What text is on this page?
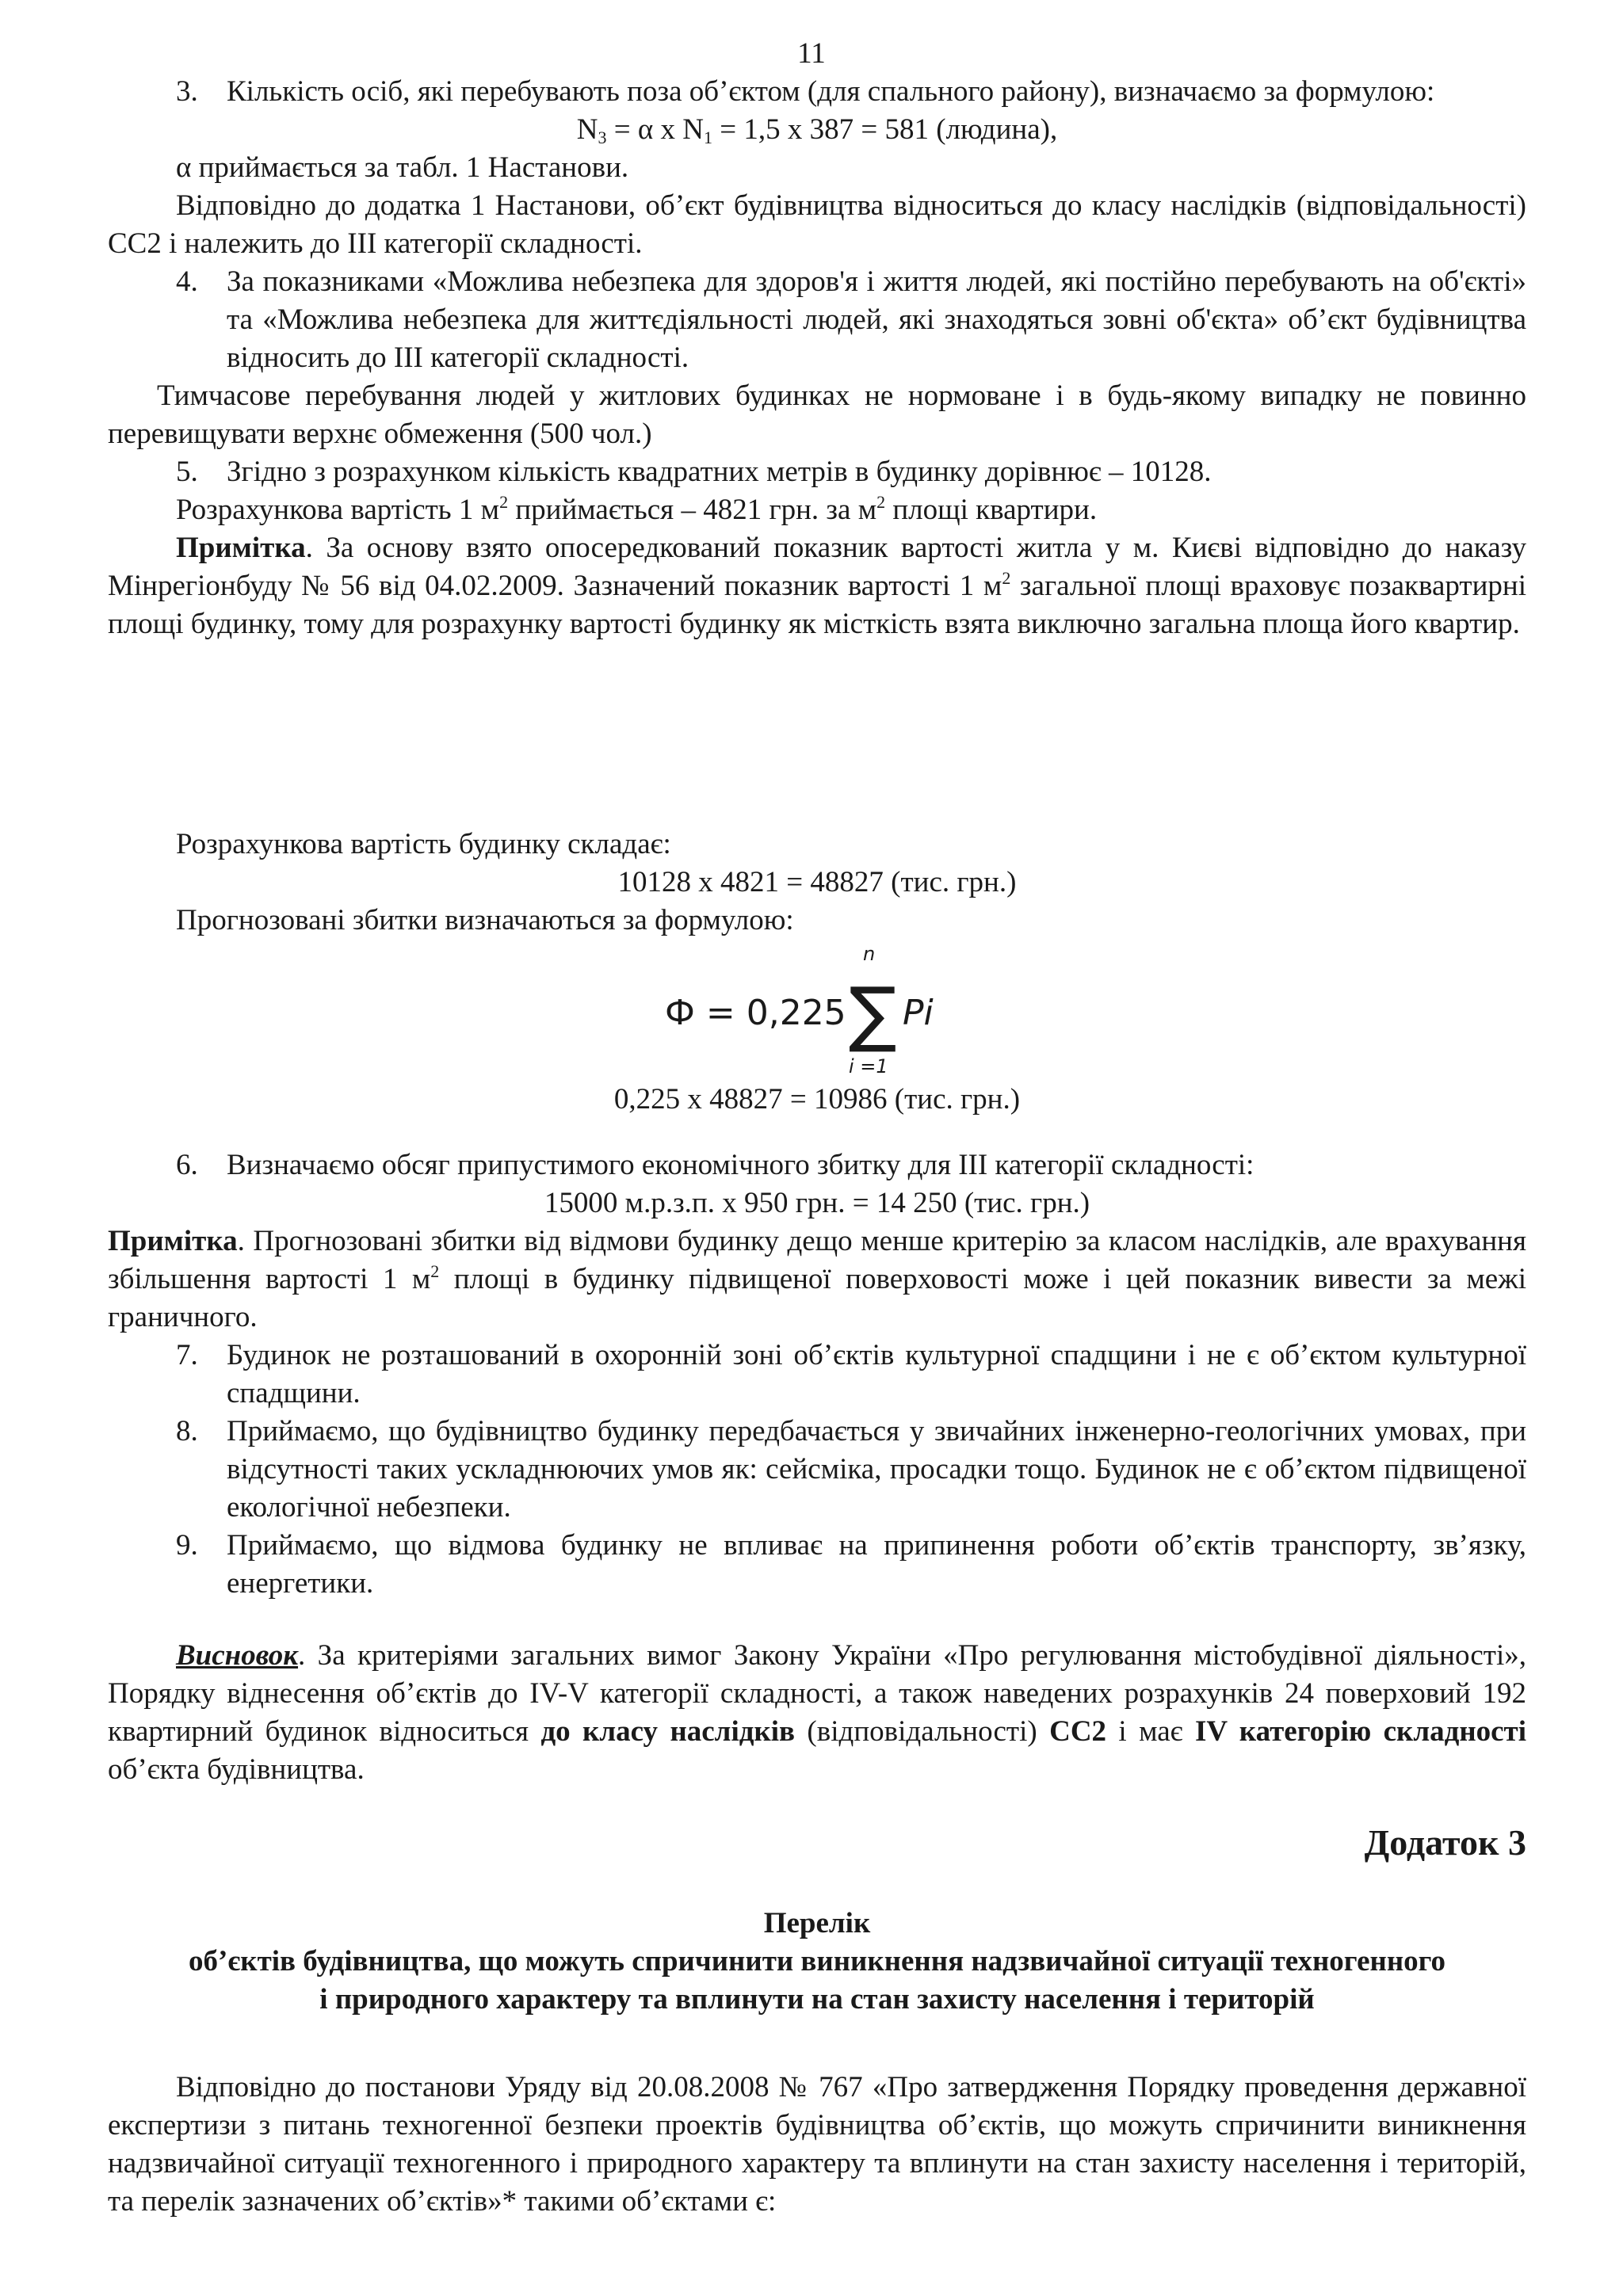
11

3. Кількість осіб, які перебувають поза об’єктом (для спального району), визначаємо за формулою:

$N_3 = \alpha$ х $N_1 = 1,5$ х 387 = 581 (людина),

α приймається за табл. 1 Настанови.

Відповідно до додатка 1 Настанови, об’єкт будівництва відноситься до класу наслідків (відповідальності) СС2 і належить до ІІІ категорії складності.

4. За показниками «Можлива небезпека для здоров'я і життя людей, які постійно перебувають на об'єкті» та «Можлива небезпека для життєдіяльності людей, які знаходяться зовні об'єкта» об’єкт будівництва відносить до ІІІ категорії складності.

Тимчасове перебування людей у житлових будинках не нормоване і в будь-якому випадку не повинно перевищувати верхнє обмеження (500 чол.)

5. Згідно з розрахунком кількість квадратних метрів в будинку дорівнює – 10128.

Розрахункова вартість 1 $м^2$ приймається – 4821 грн. за $м^2$ площі квартири.

Примітка. За основу взято опосередкований показник вартості житла у м. Києві відповідно до наказу Мінрегіонбуду № 56 від 04.02.2009. Зазначений показник вартості 1 $м^2$ загальної площі враховує позаквартирні площі будинку, тому для розрахунку вартості будинку як місткість взята виключно загальна площа його квартир.

Розрахункова вартість будинку складає:

10128 х 4821 = 48827 (тис. грн.)

Прогнозовані збитки визначаються за формулою:

Ф = 0,225 ∑
n
i =1
Pi

0,225 х 48827 = 10986 (тис. грн.)

6. Визначаємо обсяг припустимого економічного збитку для ІІІ категорії складності:

15000 м.р.з.п. х 950 грн. = 14 250 (тис. грн.)

Примітка. Прогнозовані збитки від відмови будинку дещо менше критерію за класом наслідків, але врахування збільшення вартості 1 $м^2$ площі в будинку підвищеної поверховості може і цей показник вивести за межі граничного.

7. Будинок не розташований в охоронній зоні об’єктів культурної спадщини і не є об’єктом культурної спадщини.

8. Приймаємо, що будівництво будинку передбачається у звичайних інженерно-геологічних умовах, при відсутності таких ускладнюючих умов як: сейсміка, просадки тощо. Будинок не є об’єктом підвищеної екологічної небезпеки.

9. Приймаємо, що відмова будинку не впливає на припинення роботи об’єктів транспорту, зв’язку, енергетики.

Висновок. За критеріями загальних вимог Закону України «Про регулювання містобудівної діяльності», Порядку віднесення об’єктів до IV-V категорії складності, а також наведених розрахунків 24 поверховий 192 квартирний будинок відноситься до класу наслідків (відповідальності) СС2 і має IV категорію складності об’єкта будівництва.

Додаток 3

Перелік

об’єктів будівництва, що можуть спричинити виникнення надзвичайної ситуації техногенного

і природного характеру та вплинути на стан захисту населення і територій

Відповідно до постанови Уряду від 20.08.2008 № 767 «Про затвердження Порядку проведення державної експертизи з питань техногенної безпеки проектів будівництва об’єктів, що можуть спричинити виникнення надзвичайної ситуації техногенного і природного характеру та вплинути на стан захисту населення і територій, та перелік зазначених об’єктів»* такими об’єктами є:
